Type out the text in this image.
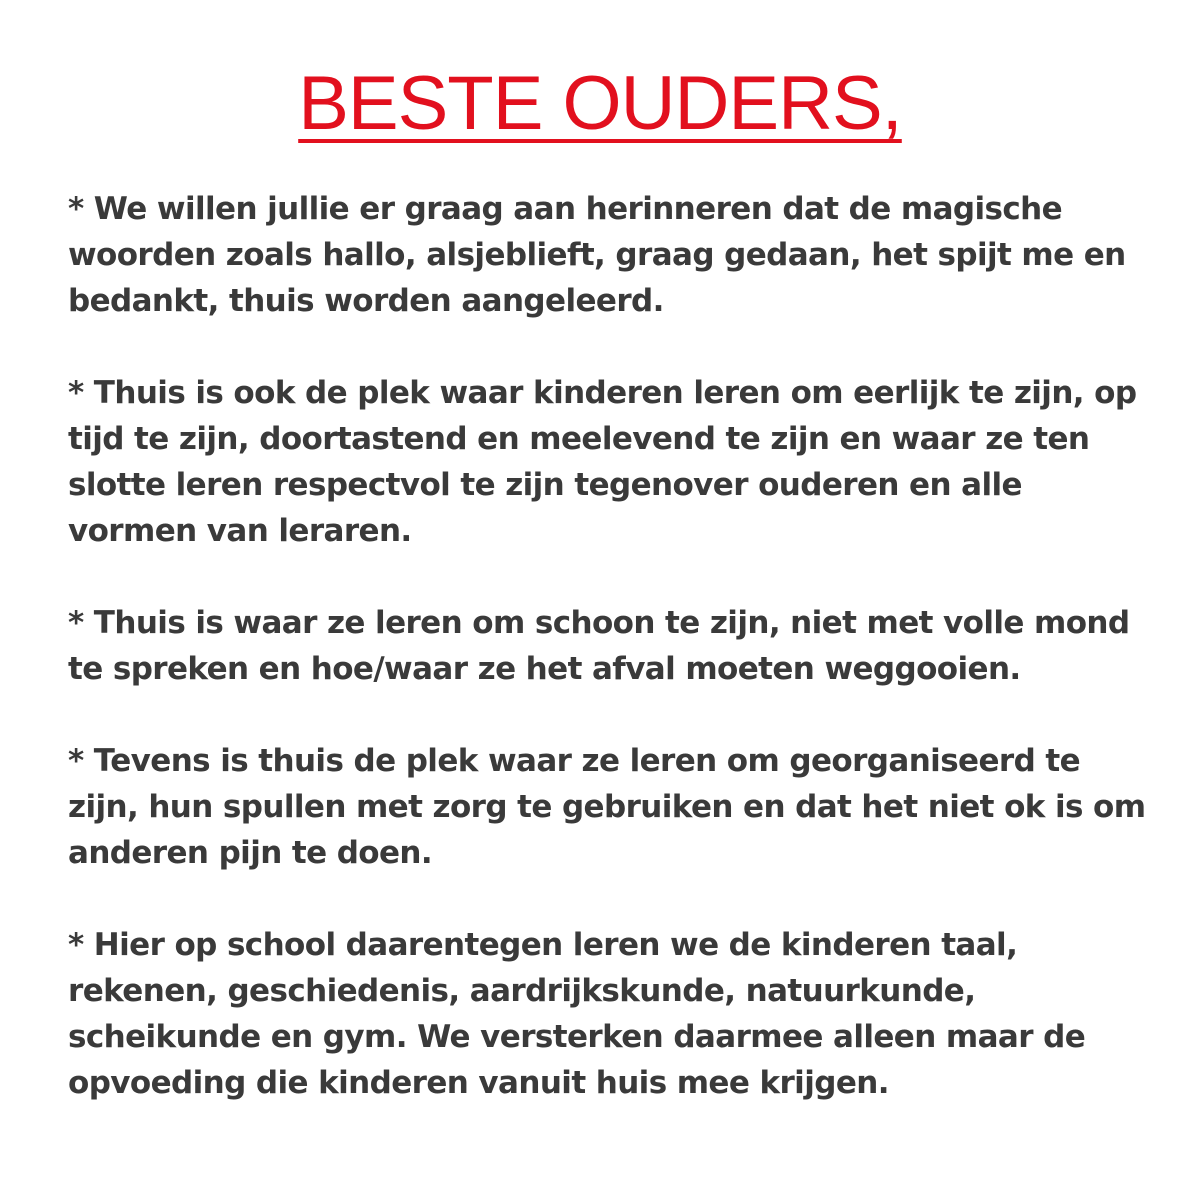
BESTE OUDERS,

* We willen jullie er graag aan herinneren dat de magische woorden zoals hallo, alsjeblieft, graag gedaan, het spijt me en bedankt, thuis worden aangeleerd.

* Thuis is ook de plek waar kinderen leren om eerlijk te zijn, op tijd te zijn, doortastend en meelevend te zijn en waar ze ten slotte leren respectvol te zijn tegenover ouderen en alle vormen van leraren.

* Thuis is waar ze leren om schoon te zijn, niet met volle mond te spreken en hoe/waar ze het afval moeten weggooien.

* Tevens is thuis de plek waar ze leren om georganiseerd te zijn, hun spullen met zorg te gebruiken en dat het niet ok is om anderen pijn te doen.

* Hier op school daarentegen leren we de kinderen taal, rekenen, geschiedenis, aardrijkskunde, natuurkunde, scheikunde en gym. We versterken daarmee alleen maar de opvoeding die kinderen vanuit huis mee krijgen.
